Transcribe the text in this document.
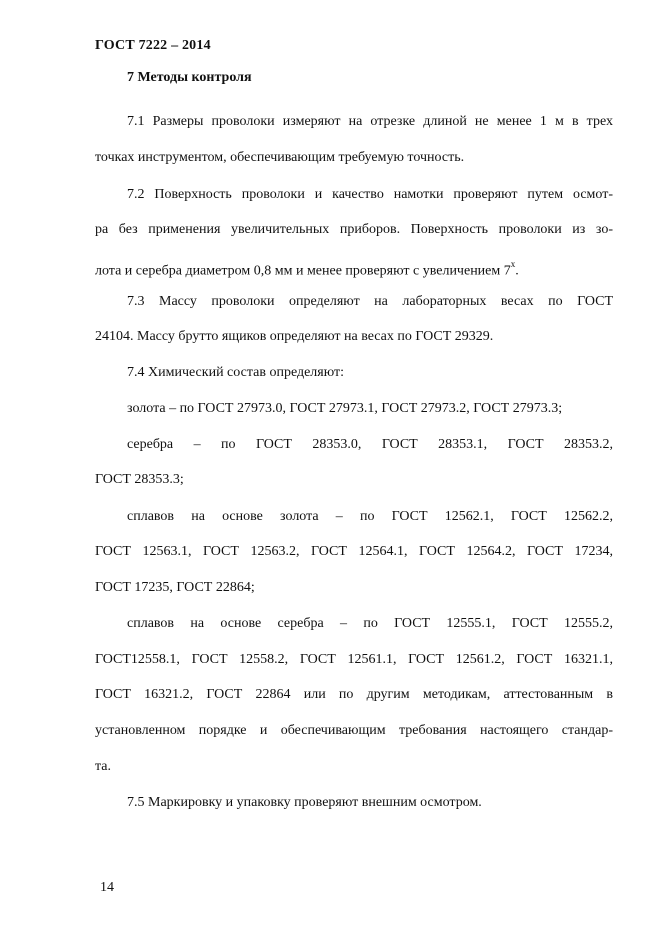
ГОСТ 7222 – 2014
7 Методы контроля
7.1 Размеры проволоки измеряют на отрезке длиной не менее 1 м в трех
точках инструментом, обеспечивающим требуемую точность.
7.2 Поверхность проволоки и качество намотки проверяют путем осмот-
ра без применения увеличительных приборов. Поверхность проволоки из зо-
лота и серебра диаметром 0,8 мм и менее проверяют с увеличением $7^х$.
7.3 Массу проволоки определяют на лабораторных весах по ГОСТ
24104. Массу брутто ящиков определяют на весах по ГОСТ 29329.
7.4 Химический состав определяют:
золота – по ГОСТ 27973.0, ГОСТ 27973.1, ГОСТ 27973.2, ГОСТ 27973.3;
серебра – по ГОСТ 28353.0, ГОСТ 28353.1, ГОСТ 28353.2,
ГОСТ 28353.3;
сплавов на основе золота – по ГОСТ 12562.1, ГОСТ 12562.2,
ГОСТ 12563.1, ГОСТ 12563.2, ГОСТ 12564.1, ГОСТ 12564.2, ГОСТ 17234,
ГОСТ 17235, ГОСТ 22864;
сплавов на основе серебра – по ГОСТ 12555.1, ГОСТ 12555.2,
ГОСТ12558.1, ГОСТ 12558.2, ГОСТ 12561.1, ГОСТ 12561.2, ГОСТ 16321.1,
ГОСТ 16321.2, ГОСТ 22864 или по другим методикам, аттестованным в
установленном порядке и обеспечивающим требования настоящего стандар-
та.
7.5 Маркировку и упаковку проверяют внешним осмотром.
14
